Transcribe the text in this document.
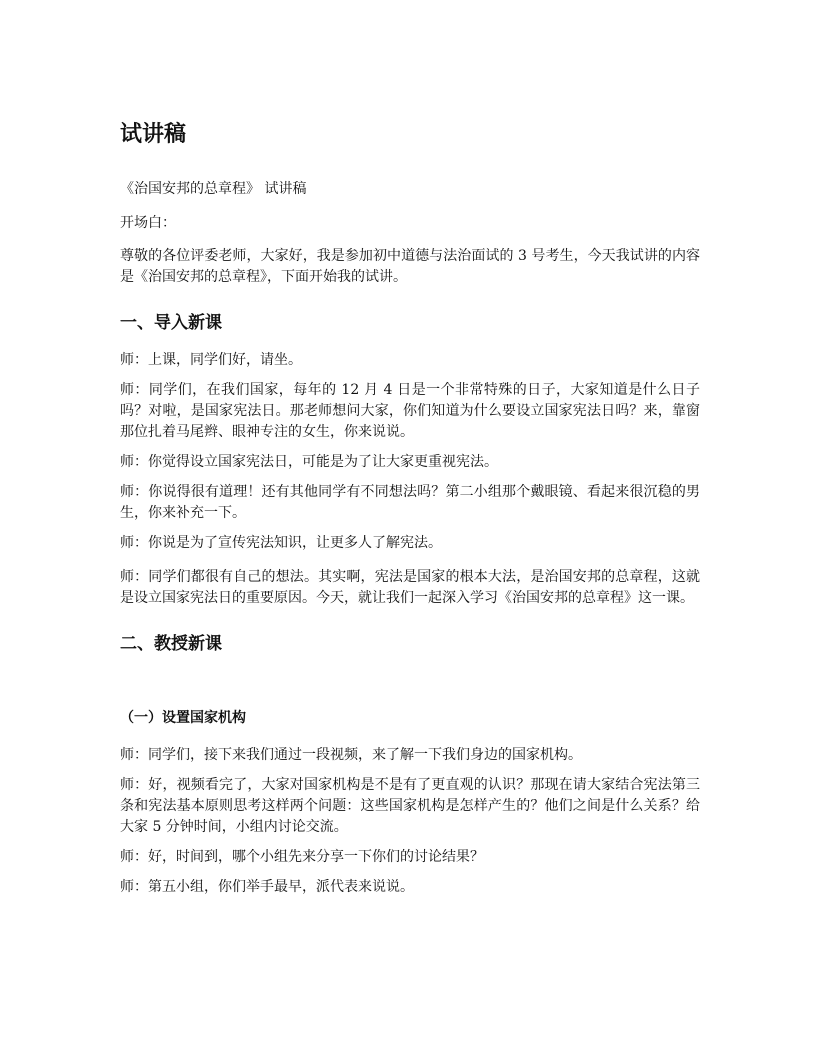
试讲稿
《治国安邦的总章程》 试讲稿
开场白：

尊敬的各位评委老师，大家好，我是参加初中道德与法治面试的 3 号考生，今天我试讲的内容是《治国安邦的总章程》，下面开始我的试讲。

一、导入新课

师：上课，同学们好，请坐。

师：同学们，在我们国家，每年的 12 月 4 日是一个非常特殊的日子，大家知道是什么日子吗？对啦，是国家宪法日。那老师想问大家，你们知道为什么要设立国家宪法日吗？来，靠窗那位扎着马尾辫、眼神专注的女生，你来说说。

师：你觉得设立国家宪法日，可能是为了让大家更重视宪法。

师：你说得很有道理！还有其他同学有不同想法吗？第二小组那个戴眼镜、看起来很沉稳的男生，你来补充一下。

师：你说是为了宣传宪法知识，让更多人了解宪法。

师：同学们都很有自己的想法。其实啊，宪法是国家的根本大法，是治国安邦的总章程，这就是设立国家宪法日的重要原因。今天，就让我们一起深入学习《治国安邦的总章程》这一课。

二、教授新课
（一）设置国家机构

师：同学们，接下来我们通过一段视频，来了解一下我们身边的国家机构。

师：好，视频看完了，大家对国家机构是不是有了更直观的认识？那现在请大家结合宪法第三条和宪法基本原则思考这样两个问题：这些国家机构是怎样产生的？他们之间是什么关系？给大家 5 分钟时间，小组内讨论交流。

师：好，时间到，哪个小组先来分享一下你们的讨论结果？

师：第五小组，你们举手最早，派代表来说说。
